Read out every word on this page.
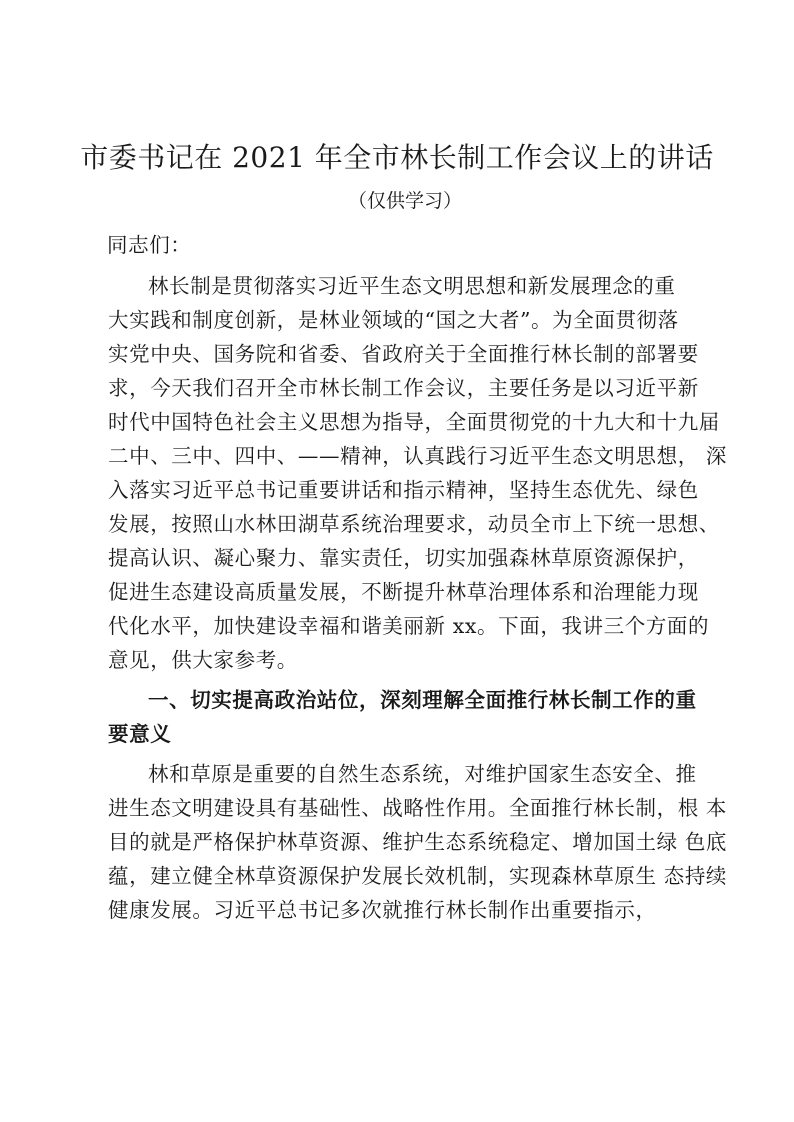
市委书记在 2021 年全市林长制工作会议上的讲话
（仅供学习）
同志们：
林长制是贯彻落实习近平生态文明思想和新发展理念的重
大实践和制度创新，是林业领域的“国之大者”。为全面贯彻落
实党中央、国务院和省委、省政府关于全面推行林长制的部署要
求，今天我们召开全市林长制工作会议，主要任务是以习近平新
时代中国特色社会主义思想为指导，全面贯彻党的十九大和十九届
二中、三中、四中、——精神，认真践行习近平生态文明思想， 深
入落实习近平总书记重要讲话和指示精神，坚持生态优先、绿色
发展，按照山水林田湖草系统治理要求，动员全市上下统一思想、
提高认识、凝心聚力、靠实责任，切实加强森林草原资源保护，
促进生态建设高质量发展，不断提升林草治理体系和治理能力现
代化水平，加快建设幸福和谐美丽新 xx。下面，我讲三个方面的
意见，供大家参考。
一、切实提高政治站位，深刻理解全面推行林长制工作的重
要意义
林和草原是重要的自然生态系统，对维护国家生态安全、推
进生态文明建设具有基础性、战略性作用。全面推行林长制，根 本
目的就是严格保护林草资源、维护生态系统稳定、增加国土绿 色底
蕴，建立健全林草资源保护发展长效机制，实现森林草原生 态持续
健康发展。习近平总书记多次就推行林长制作出重要指示，
